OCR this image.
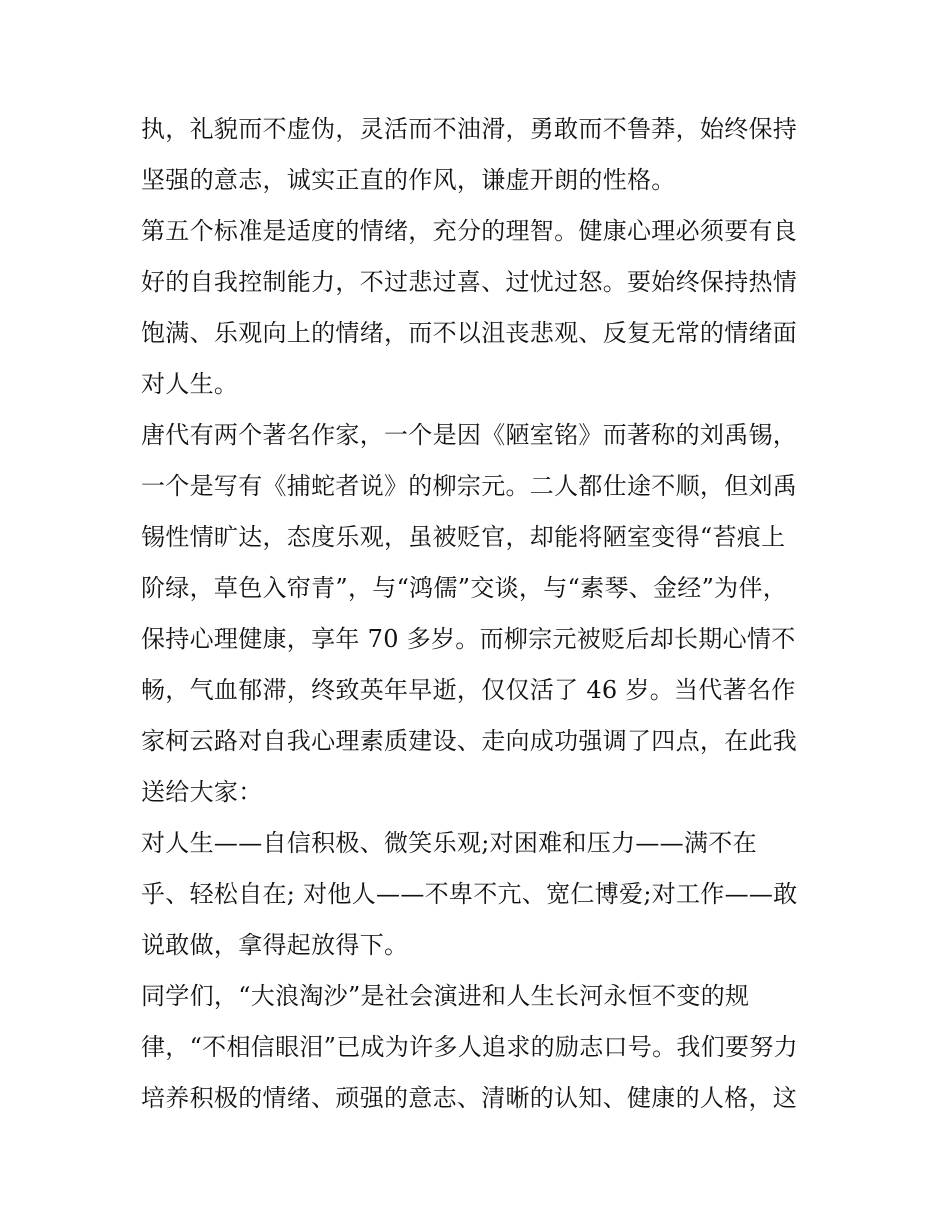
执，礼貌而不虚伪，灵活而不油滑，勇敢而不鲁莽，始终保持
坚强的意志，诚实正直的作风，谦虚开朗的性格。
第五个标准是适度的情绪，充分的理智。健康心理必须要有良
好的自我控制能力，不过悲过喜、过忧过怒。要始终保持热情
饱满、乐观向上的情绪，而不以沮丧悲观、反复无常的情绪面
对人生。
唐代有两个著名作家，一个是因《陋室铭》而著称的刘禹锡，
一个是写有《捕蛇者说》的柳宗元。二人都仕途不顺，但刘禹
锡性情旷达，态度乐观，虽被贬官，却能将陋室变得“苔痕上
阶绿，草色入帘青”，与“鸿儒”交谈，与“素琴、金经”为伴，
保持心理健康，享年 70 多岁。而柳宗元被贬后却长期心情不
畅，气血郁滞，终致英年早逝，仅仅活了 46 岁。当代著名作
家柯云路对自我心理素质建设、走向成功强调了四点，在此我
送给大家：
对人生——自信积极、微笑乐观;对困难和压力——满不在
乎、轻松自在; 对他人——不卑不亢、宽仁博爱;对工作——敢
说敢做，拿得起放得下。
同学们，“大浪淘沙”是社会演进和人生长河永恒不变的规
律，“不相信眼泪”已成为许多人追求的励志口号。我们要努力
培养积极的情绪、顽强的意志、清晰的认知、健康的人格，这
